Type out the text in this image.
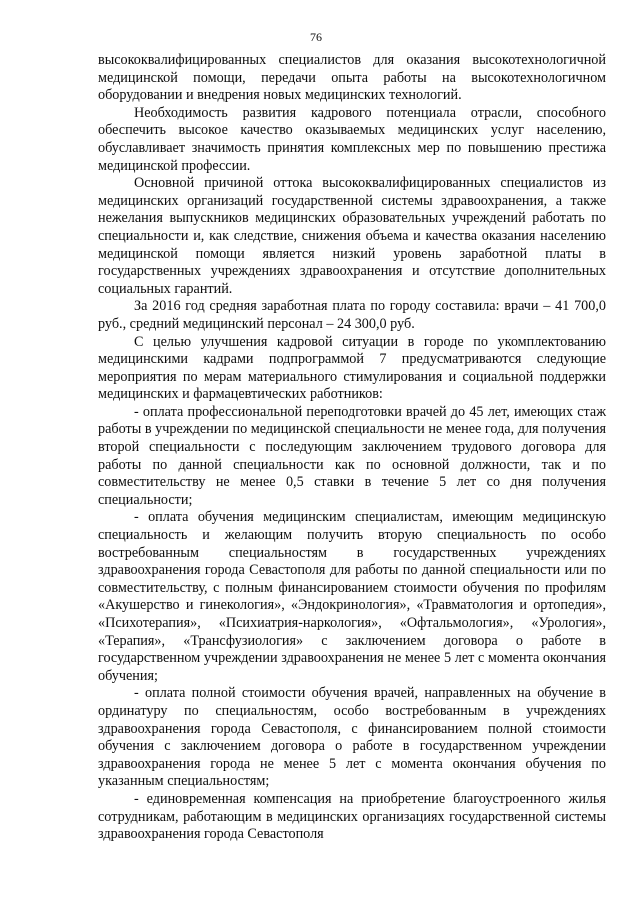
76

высококвалифицированных специалистов для оказания высокотехнологичной медицинской помощи, передачи опыта работы на высокотехнологичном оборудовании и внедрения новых медицинских технологий.

Необходимость развития кадрового потенциала отрасли, способного обеспечить высокое качество оказываемых медицинских услуг населению, обуславливает значимость принятия комплексных мер по повышению престижа медицинской профессии.

Основной причиной оттока высококвалифицированных специалистов из медицинских организаций государственной системы здравоохранения, а также нежелания выпускников медицинских образовательных учреждений работать по специальности и, как следствие, снижения объема и качества оказания населению медицинской помощи является низкий уровень заработной платы в государственных учреждениях здравоохранения и отсутствие дополнительных социальных гарантий.

За 2016 год средняя заработная плата по городу составила: врачи – 41 700,0 руб., средний медицинский персонал – 24 300,0 руб.

С целью улучшения кадровой ситуации в городе по укомплектованию медицинскими кадрами подпрограммой 7 предусматриваются следующие мероприятия по мерам материального стимулирования и социальной поддержки медицинских и фармацевтических работников:

- оплата профессиональной переподготовки врачей до 45 лет, имеющих стаж работы в учреждении по медицинской специальности не менее года, для получения второй специальности с последующим заключением трудового договора для работы по данной специальности как по основной должности, так и по совместительству не менее 0,5 ставки в течение 5 лет со дня получения специальности;

- оплата обучения медицинским специалистам, имеющим медицинскую специальность и желающим получить вторую специальность по особо востребованным специальностям в государственных учреждениях здравоохранения города Севастополя для работы по данной специальности или по совместительству, с полным финансированием стоимости обучения по профилям «Акушерство и гинекология», «Эндокринология», «Травматология и ортопедия», «Психотерапия», «Психиатрия-наркология», «Офтальмология», «Урология», «Терапия», «Трансфузиология» с заключением договора о работе в государственном учреждении здравоохранения не менее 5 лет с момента окончания обучения;

- оплата полной стоимости обучения врачей, направленных на обучение в ординатуру по специальностям, особо востребованным в учреждениях здравоохранения города Севастополя, с финансированием полной стоимости обучения с заключением договора о работе в государственном учреждении здравоохранения города не менее 5 лет с момента окончания обучения по указанным специальностям;

- единовременная компенсация на приобретение благоустроенного жилья сотрудникам, работающим в медицинских организациях государственной системы здравоохранения города Севастополя
